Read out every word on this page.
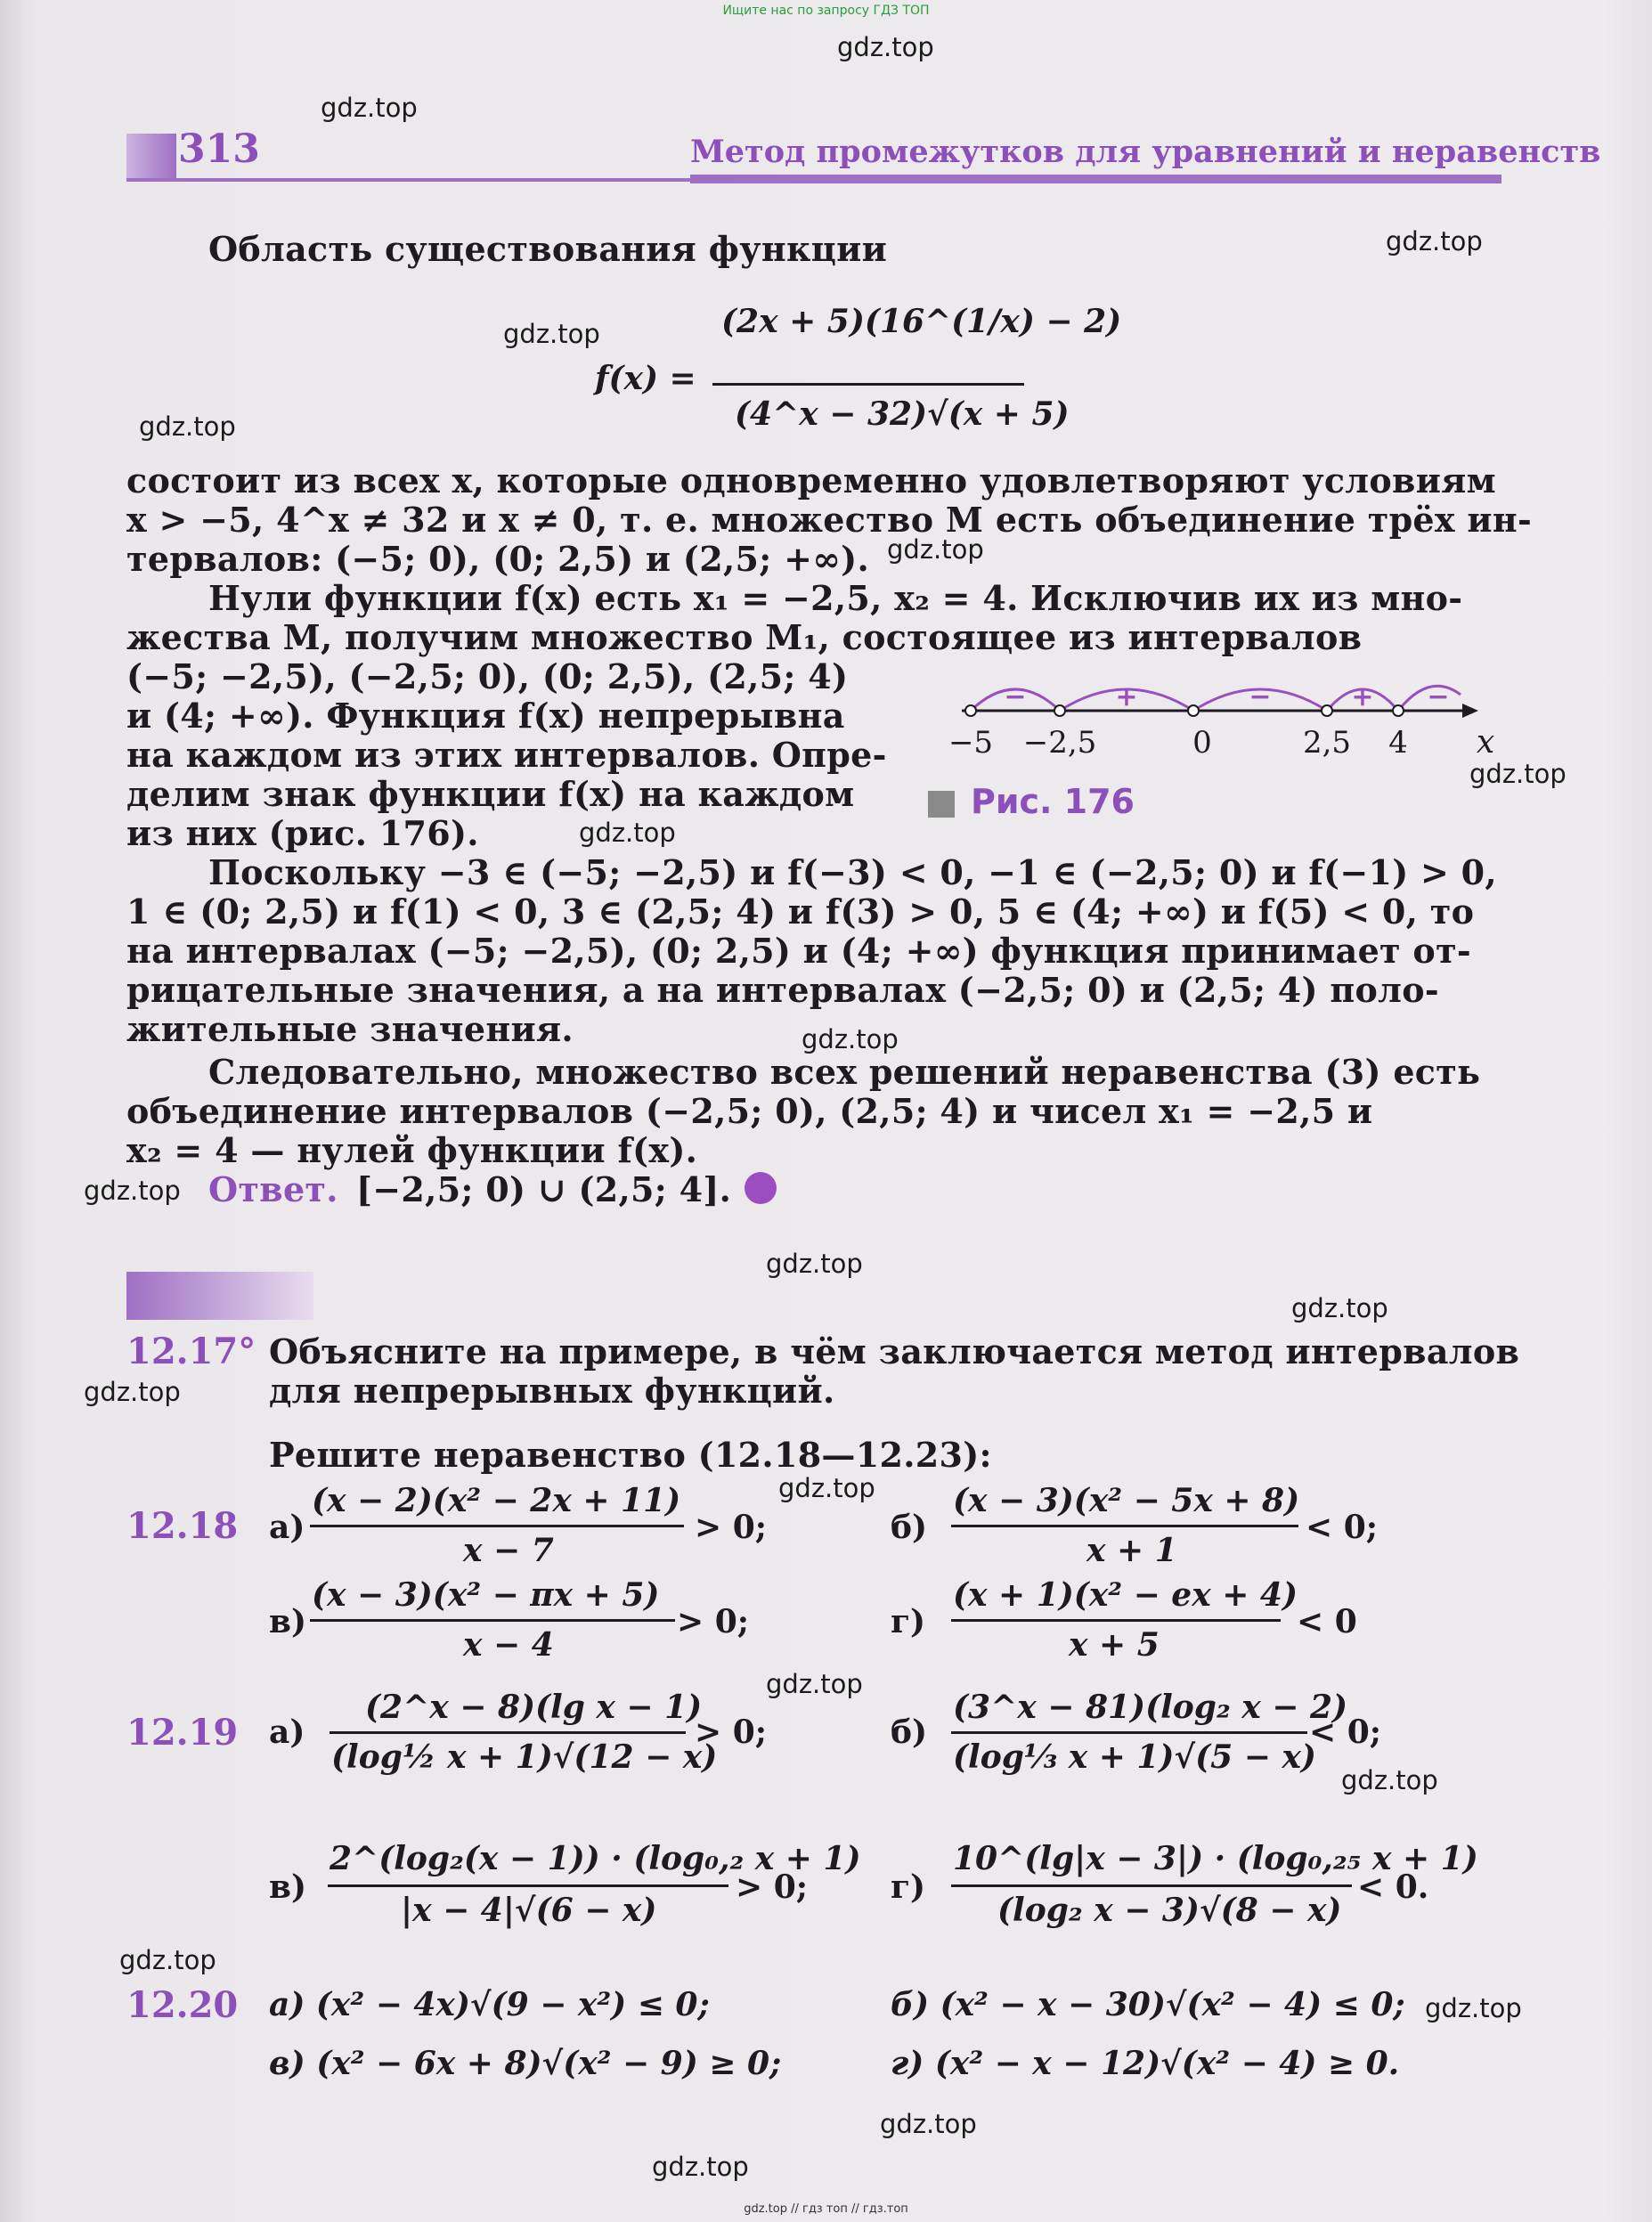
Ищите нас по запросу ГДЗ ТОП
313	Метод промежутков для уравнений и неравенств
Область существования функции
(2x + 5)(16^(1/x) − 2)
f(x) =
(4^x − 32)√(x + 5)
состоит из всех x, которые одновременно удовлетворяют условиям
x > −5, 4^x ≠ 32 и x ≠ 0, т. е. множество M есть объединение трёх ин-
тервалов: (−5; 0), (0; 2,5) и (2,5; +∞).
Нули функции f(x) есть x₁ = −2,5, x₂ = 4. Исключив их из мно-
жества M, получим множество M₁, состоящее из интервалов
(−5; −2,5), (−2,5; 0), (0; 2,5), (2,5; 4)
и (4; +∞). Функция f(x) непрерывна
на каждом из этих интервалов. Опре-
делим знак функции f(x) на каждом
из них (рис. 176).
−	+	−	+ −
−5 −2,5	0	2,5 4 x
Рис. 176
Поскольку −3 ∈ (−5; −2,5) и f(−3) < 0, −1 ∈ (−2,5; 0) и f(−1) > 0,
1 ∈ (0; 2,5) и f(1) < 0, 3 ∈ (2,5; 4) и f(3) > 0, 5 ∈ (4; +∞) и f(5) < 0, то
на интервалах (−5; −2,5), (0; 2,5) и (4; +∞) функция принимает от-
рицательные значения, а на интервалах (−2,5; 0) и (2,5; 4) поло-
жительные значения.
Следовательно, множество всех решений неравенства (3) есть
объединение интервалов (−2,5; 0), (2,5; 4) и чисел x₁ = −2,5 и
x₂ = 4 — нулей функции f(x).
Ответ. [−2,5; 0) ∪ (2,5; 4].
12.17° Объясните на примере, в чём заключается метод интервалов
для непрерывных функций.
Решите неравенство (12.18—12.23):
12.18 а)
(x − 2)(x² − 2x + 11)
x − 7
> 0;	б)
(x − 3)(x² − 5x + 8)
x + 1
< 0;
в)
(x − 3)(x² − πx + 5)
x − 4
> 0;	г)
(x + 1)(x² − ex + 4)
x + 5
< 0
12.19 а)
(2^x − 8)(lg x − 1)
(log½ x + 1)√(12 − x)
> 0;	б)
(3^x − 81)(log₂ x − 2)
(log⅓ x + 1)√(5 − x)
< 0;
в)
2^(log₂(x − 1)) · (log₀,₂ x + 1)
|x − 4|√(6 − x)
> 0;	г)
10^(lg|x − 3|) · (log₀,₂₅ x + 1)
(log₂ x − 3)√(8 − x)
< 0.
12.20 а) (x² − 4x)√(9 − x²) ≤ 0;	б) (x² − x − 30)√(x² − 4) ≤ 0;
в) (x² − 6x + 8)√(x² − 9) ≥ 0;	г) (x² − x − 12)√(x² − 4) ≥ 0.
gdz.top
gdz.top
gdz.top
gdz.top
gdz.top
gdz.top
gdz.top
gdz.top
gdz.top
gdz.top
gdz.top
gdz.top
gdz.top
gdz.top
gdz.top
gdz.top
gdz.top
gdz.top
gdz.top
gdz.top
gdz.top // гдз топ // гдз.топ
